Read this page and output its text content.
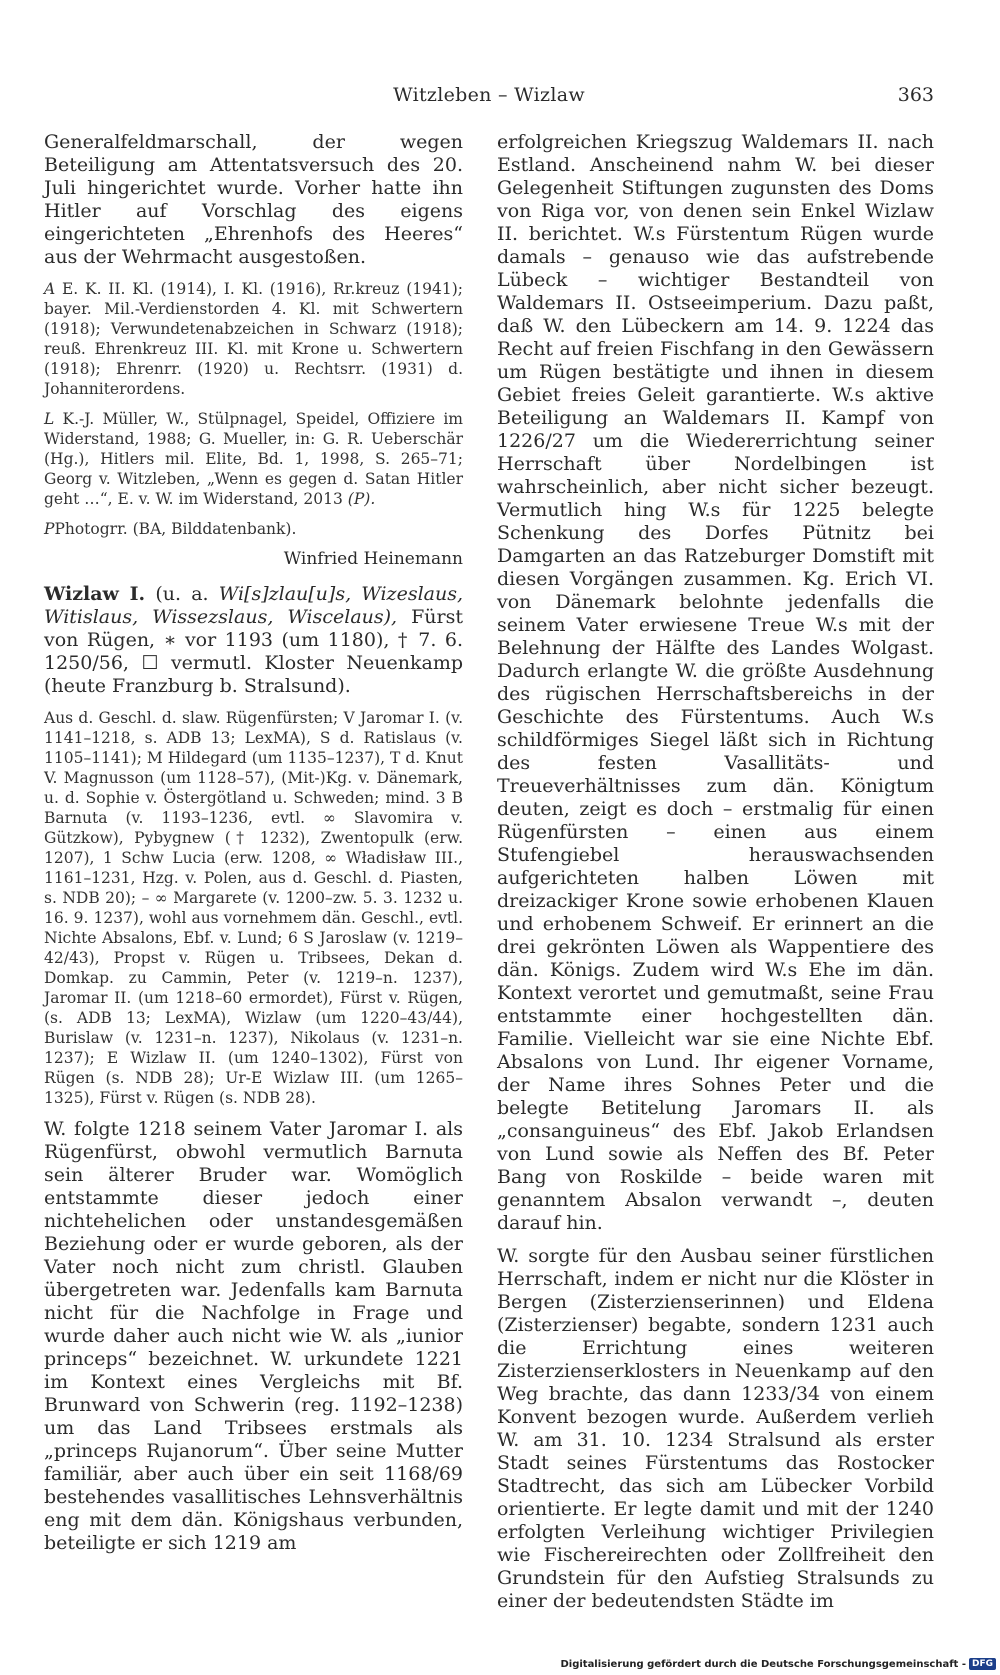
Witzleben – Wizlaw	363

Generalfeldmarschall, der wegen Beteiligung am Attentatsversuch des 20. Juli hingerichtet wurde. Vorher hatte ihn Hitler auf Vorschlag des eigens eingerichteten „Ehrenhofs des Heeres“ aus der Wehrmacht ausgestoßen.

A E. K. II. Kl. (1914), I. Kl. (1916), Rr.kreuz (1941); bayer. Mil.-Verdienstorden 4. Kl. mit Schwertern (1918); Verwundetenabzeichen in Schwarz (1918); reuß. Ehrenkreuz III. Kl. mit Krone u. Schwertern (1918); Ehrenrr. (1920) u. Rechtsrr. (1931) d. Johanniterordens.

L K.-J. Müller, W., Stülpnagel, Speidel, Offiziere im Widerstand, 1988; G. Mueller, in: G. R. Ueberschär (Hg.), Hitlers mil. Elite, Bd. 1, 1998, S. 265–71; Georg v. Witzleben, „Wenn es gegen d. Satan Hitler geht …“, E. v. W. im Widerstand, 2013 (P).

PPhotogrr. (BA, Bilddatenbank).

Winfried Heinemann

Wizlaw I. (u. a. Wi[s]zlau[u]s, Wizeslaus, Witislaus, Wissezslaus, Wiscelaus), Fürst von Rügen, ∗ vor 1193 (um 1180), † 7. 6. 1250/56, ☐ vermutl. Kloster Neuenkamp (heute Franzburg b. Stralsund).

Aus d. Geschl. d. slaw. Rügenfürsten; V Jaromar I. (v. 1141–1218, s. ADB 13; LexMA), S d. Ratislaus (v. 1105–1141); M Hildegard (um 1135–1237), T d. Knut V. Magnusson (um 1128–57), (Mit-)Kg. v. Dänemark, u. d. Sophie v. Östergötland u. Schweden; mind. 3 B Barnuta (v. 1193–1236, evtl. ∞ Slavomira v. Gützkow), Pybygnew († 1232), Zwentopulk (erw. 1207), 1 Schw Lucia (erw. 1208, ∞ Władisław III., 1161–1231, Hzg. v. Polen, aus d. Geschl. d. Piasten, s. NDB 20); – ∞ Margarete (v. 1200–zw. 5. 3. 1232 u. 16. 9. 1237), wohl aus vornehmem dän. Geschl., evtl. Nichte Absalons, Ebf. v. Lund; 6 S Jaroslaw (v. 1219–42/43), Propst v. Rügen u. Tribsees, Dekan d. Domkap. zu Cammin, Peter (v. 1219–n. 1237), Jaromar II. (um 1218–60 ermordet), Fürst v. Rügen, (s. ADB 13; LexMA), Wizlaw (um 1220–43/44), Burislaw (v. 1231–n. 1237), Nikolaus (v. 1231–n. 1237); E Wizlaw II. (um 1240–1302), Fürst von Rügen (s. NDB 28); Ur-E Wizlaw III. (um 1265–1325), Fürst v. Rügen (s. NDB 28).

W. folgte 1218 seinem Vater Jaromar I. als Rügenfürst, obwohl vermutlich Barnuta sein älterer Bruder war. Womöglich entstammte dieser jedoch einer nichtehelichen oder unstandesgemäßen Beziehung oder er wurde geboren, als der Vater noch nicht zum christl. Glauben übergetreten war. Jedenfalls kam Barnuta nicht für die Nachfolge in Frage und wurde daher auch nicht wie W. als „iunior princeps“ bezeichnet. W. urkundete 1221 im Kontext eines Vergleichs mit Bf. Brunward von Schwerin (reg. 1192–1238) um das Land Tribsees erstmals als „princeps Rujanorum“. Über seine Mutter familiär, aber auch über ein seit 1168/69 bestehendes vasallitisches Lehnsverhältnis eng mit dem dän. Königshaus verbunden, beteiligte er sich 1219 am

erfolgreichen Kriegszug Waldemars II. nach Estland. Anscheinend nahm W. bei dieser Gelegenheit Stiftungen zugunsten des Doms von Riga vor, von denen sein Enkel Wizlaw II. berichtet. W.s Fürstentum Rügen wurde damals – genauso wie das aufstrebende Lübeck – wichtiger Bestandteil von Waldemars II. Ostseeimperium. Dazu paßt, daß W. den Lübeckern am 14. 9. 1224 das Recht auf freien Fischfang in den Gewässern um Rügen bestätigte und ihnen in diesem Gebiet freies Geleit garantierte. W.s aktive Beteiligung an Waldemars II. Kampf von 1226/27 um die Wiedererrichtung seiner Herrschaft über Nordelbingen ist wahrscheinlich, aber nicht sicher bezeugt. Vermutlich hing W.s für 1225 belegte Schenkung des Dorfes Pütnitz bei Damgarten an das Ratzeburger Domstift mit diesen Vorgängen zusammen. Kg. Erich VI. von Dänemark belohnte jedenfalls die seinem Vater erwiesene Treue W.s mit der Belehnung der Hälfte des Landes Wolgast. Dadurch erlangte W. die größte Ausdehnung des rügischen Herrschaftsbereichs in der Geschichte des Fürstentums. Auch W.s schildförmiges Siegel läßt sich in Richtung des festen Vasallitäts- und Treueverhältnisses zum dän. Königtum deuten, zeigt es doch – erstmalig für einen Rügenfürsten – einen aus einem Stufengiebel herauswachsenden aufgerichteten halben Löwen mit dreizackiger Krone sowie erhobenen Klauen und erhobenem Schweif. Er erinnert an die drei gekrönten Löwen als Wappentiere des dän. Königs. Zudem wird W.s Ehe im dän. Kontext verortet und gemutmaßt, seine Frau entstammte einer hochgestellten dän. Familie. Vielleicht war sie eine Nichte Ebf. Absalons von Lund. Ihr eigener Vorname, der Name ihres Sohnes Peter und die belegte Betitelung Jaromars II. als „consanguineus“ des Ebf. Jakob Erlandsen von Lund sowie als Neffen des Bf. Peter Bang von Roskilde – beide waren mit genanntem Absalon verwandt –, deuten darauf hin.

W. sorgte für den Ausbau seiner fürstlichen Herrschaft, indem er nicht nur die Klöster in Bergen (Zisterzienserinnen) und Eldena (Zisterzienser) begabte, sondern 1231 auch die Errichtung eines weiteren Zisterzienserklosters in Neuenkamp auf den Weg brachte, das dann 1233/34 von einem Konvent bezogen wurde. Außerdem verlieh W. am 31. 10. 1234 Stralsund als erster Stadt seines Fürstentums das Rostocker Stadtrecht, das sich am Lübecker Vorbild orientierte. Er legte damit und mit der 1240 erfolgten Verleihung wichtiger Privilegien wie Fischereirechten oder Zollfreiheit den Grundstein für den Aufstieg Stralsunds zu einer der bedeutendsten Städte im

Digitalisierung gefördert durch die Deutsche Forschungsgemeinschaft - DFG
